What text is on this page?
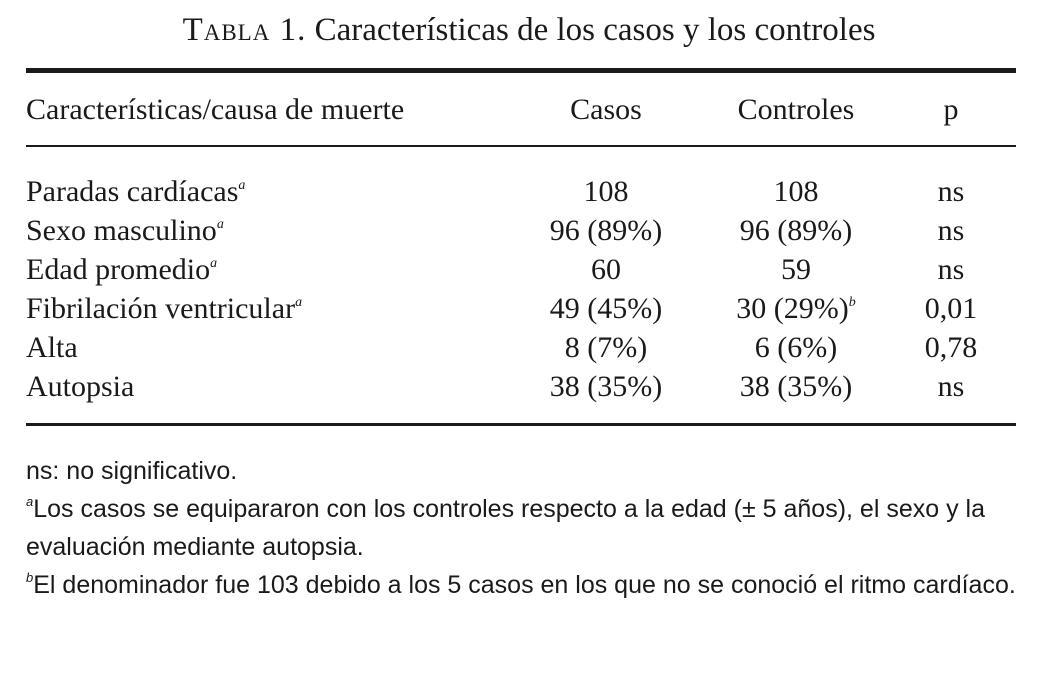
Tabla 1. Características de los casos y los controles
Características/causa de muerte	Casos	Controles	p
Paradas cardíacas$^a$	108	108	ns
Sexo masculino$^a$	96 (89%)	96 (89%)	ns
Edad promedio$^a$	60	59	ns
Fibrilación ventricular$^a$	49 (45%)	30 $(29\%)^b$	0,01
Alta	8 (7%)	6 (6%)	0,78
Autopsia	38 (35%)	38 (35%)	ns

ns: no significativo.

$^a$Los casos se equipararon con los controles respecto a la edad (± 5 años), el sexo y la evaluación mediante autopsia.

$^b$El denominador fue 103 debido a los 5 casos en los que no se conoció el ritmo cardíaco.
